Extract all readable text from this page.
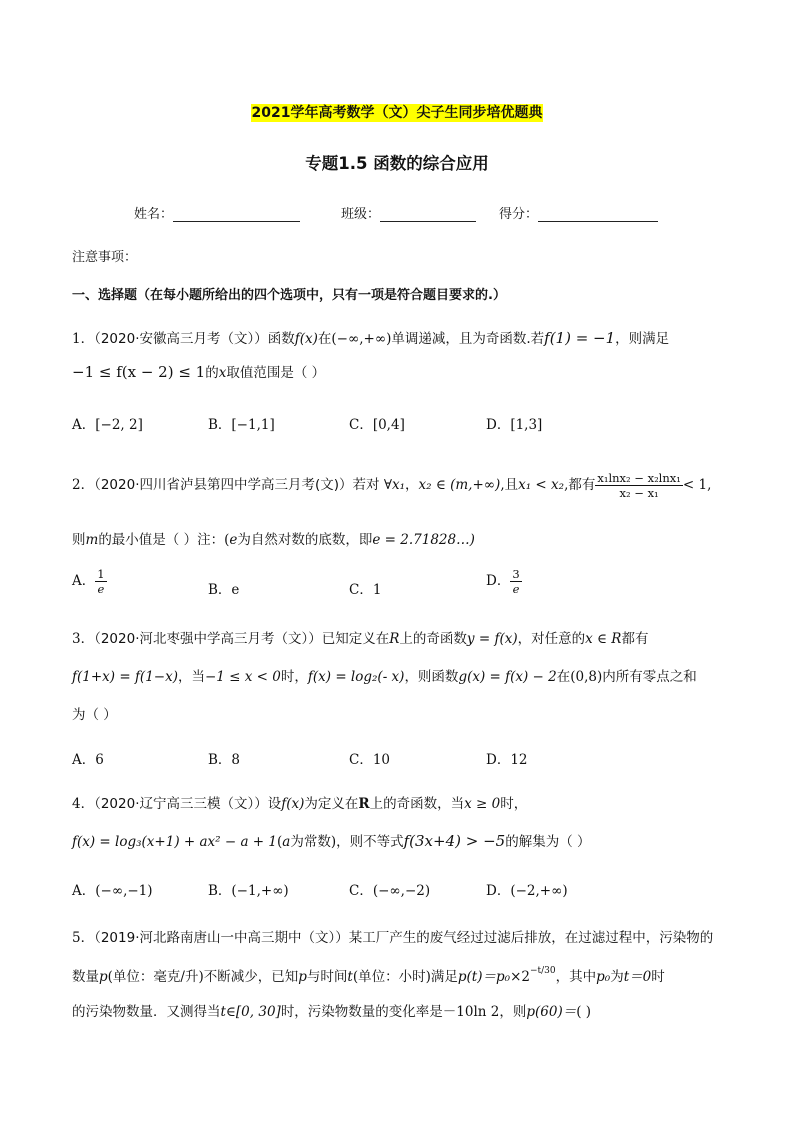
2021学年高考数学（文）尖子生同步培优题典
专题1.5 函数的综合应用
姓名：	班级：	得分：
注意事项：
一、选择题（在每小题所给出的四个选项中，只有一项是符合题目要求的.）
1．（2020·安徽高三月考（文））函数f(x)在(−∞,+∞)单调递减，且为奇函数.若f(1) = −1，则满足
−1 ≤ f(x − 2) ≤ 1的x取值范围是（ ）
A．[−2, 2]	B．[−1,1]	C．[0,4]	D．[1,3]
2．（2020·四川省泸县第四中学高三月考(文)）若对 ∀x₁，x₂ ∈ (m,+∞),且x₁ < x₂,都有 $\frac{\text{x₁lnx₂ − x₂lnx₁}}{\text{x₂ − x₁}} < 1$,
则m的最小值是（ ）注：(e为自然对数的底数，即e = 2.71828…)
A． $\frac{1}{e}$	B．e	C．1
D． $\frac{3}{e}$
3．（2020·河北枣强中学高三月考（文））已知定义在R上的奇函数y = f(x)，对任意的x ∈ R都有
f(1+x) = f(1−x)，当−1 ≤ x < 0时，f(x) = log₂(- x)，则函数g(x) = f(x) − 2在(0,8)内所有零点之和
为（ ）
A．6	B．8	C．10	D．12
4．（2020·辽宁高三三模（文））设f(x)为定义在R上的奇函数，当x ≥ 0时，
f(x) = log₃(x+1) + ax² − a + 1(a为常数)，则不等式f(3x+4) > −5的解集为（ ）
A．(−∞,−1)	B．(−1,+∞)	C．(−∞,−2)	D．(−2,+∞)
5．（2019·河北路南唐山一中高三期中（文））某工厂产生的废气经过过滤后排放，在过滤过程中，污染物的
数量p(单位：毫克/升)不断减少，已知p与时间t(单位：小时)满足$p(t)=p_0\times 2^{-t/30}$，其中p₀为t＝0时
的污染物数量．又测得当t∈[0, 30]时，污染物数量的变化率是－10ln 2，则p(60)＝( )
